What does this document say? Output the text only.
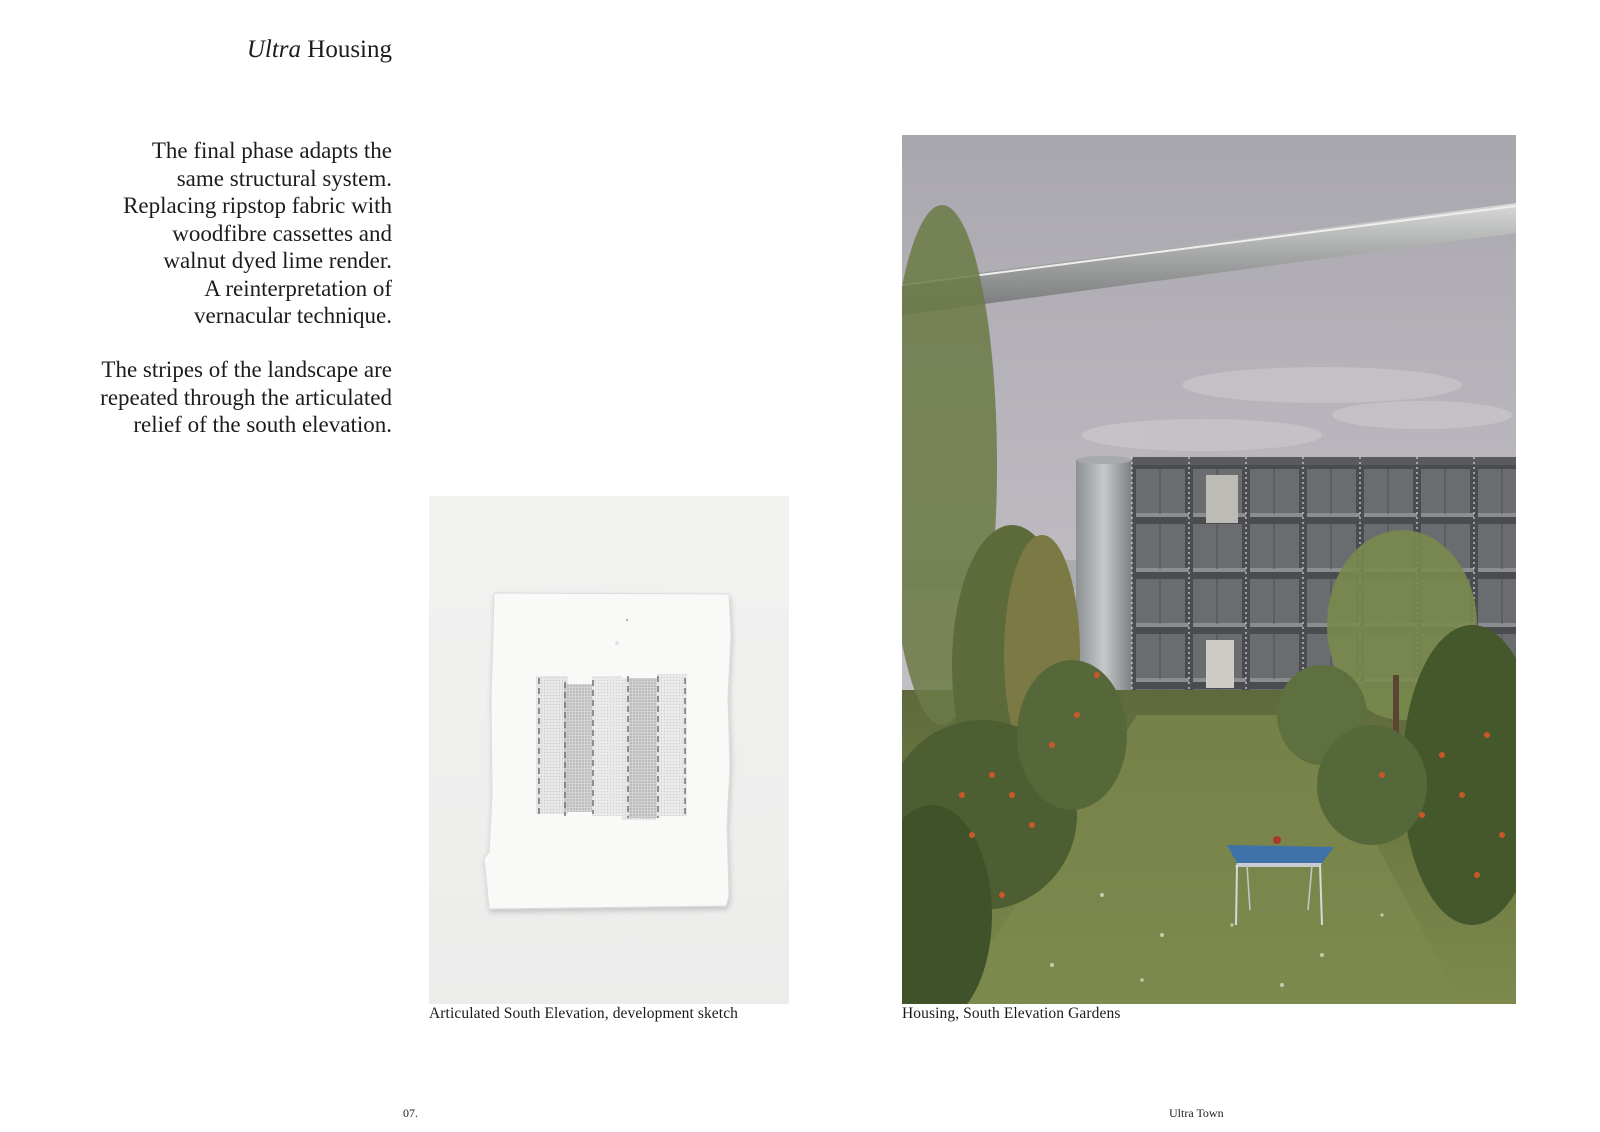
Ultra Housing
The final phase adapts the
same structural system.
Replacing ripstop fabric with
woodfibre cassettes and
walnut dyed lime render.
A reinterpretation of
vernacular technique.
The stripes of the landscape are
repeated through the articulated
relief of the south elevation.
Articulated South Elevation, development sketch	Housing, South Elevation Gardens
07.	Ultra Town
